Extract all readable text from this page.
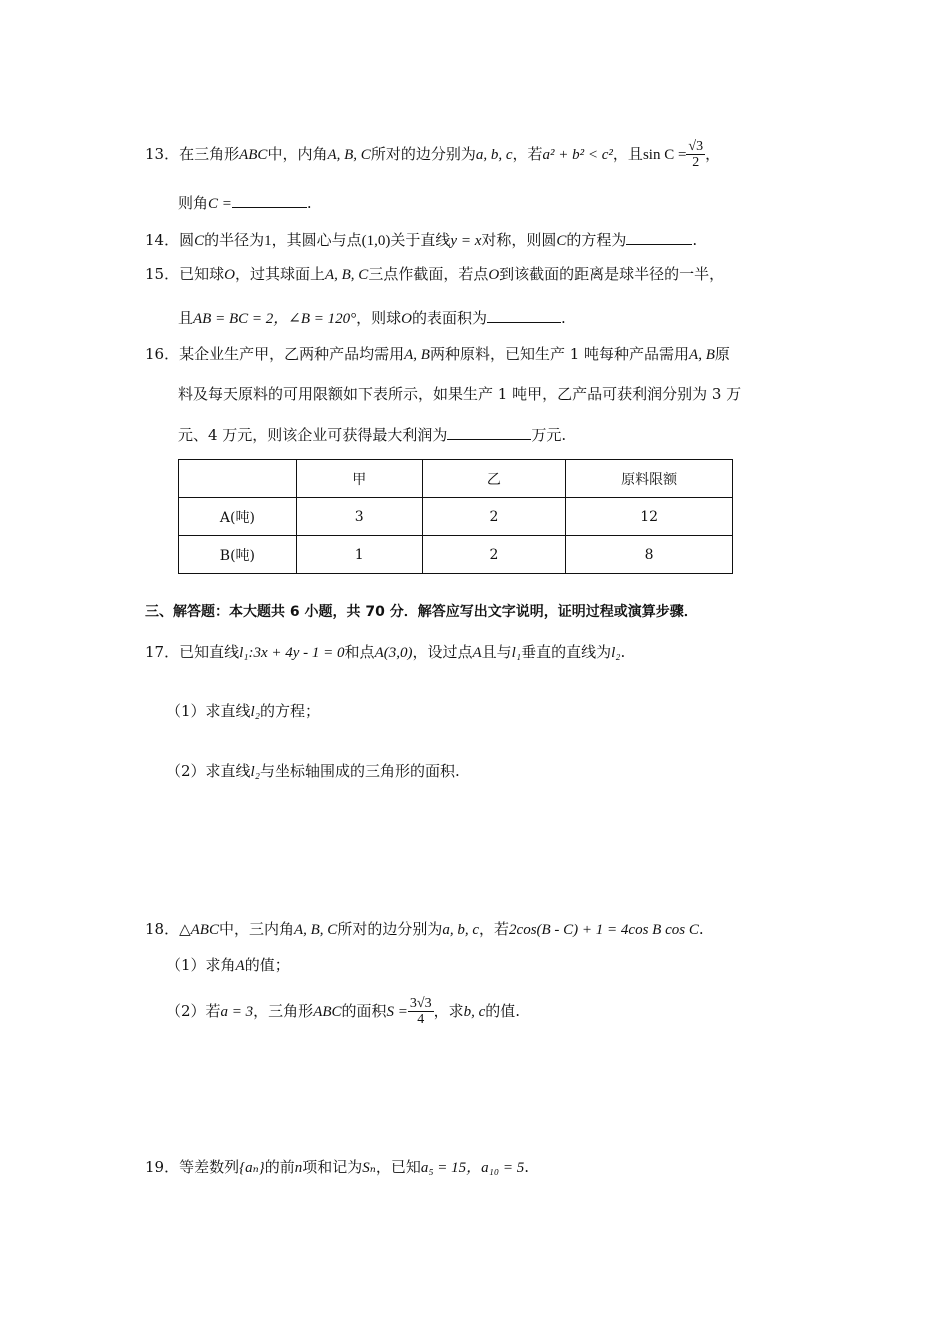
13．在三角形ABC中，内角A, B, C所对的边分别为a, b, c，若a² + b² < c²，且$\sin C = \frac{√3}{2}$ ，
则角C =	.
14．圆C的半径为1，其圆心与点(1,0)关于直线y = x对称，则圆C的方程为	.
15．已知球O，过其球面上A, B, C三点作截面，若点O到该截面的距离是球半径的一半，
且AB = BC = 2，∠B = 120°，则球O的表面积为	.
16．某企业生产甲，乙两种产品均需用A, B两种原料，已知生产 1 吨每种产品需用A, B原
料及每天原料的可用限额如下表所示，如果生产 1 吨甲，乙产品可获利润分别为 3 万
元、4 万元，则该企业可获得最大利润为	万元.
	甲	乙	原料限额
A(吨)	3	2	12
B(吨)	1	2	8
三、解答题：本大题共 6 小题，共 70 分．解答应写出文字说明，证明过程或演算步骤．
17．已知直线l₁:3x + 4y - 1 = 0和点A(3,0)，设过点A且与l₁垂直的直线为l₂.
（1）求直线l₂的方程；
（2）求直线l₂与坐标轴围成的三角形的面积.
18．△ABC中，三内角A, B, C所对的边分别为a, b, c，若2cos(B - C) + 1 = 4cos B cos C.
（1）求角A的值；
（2）若a = 3，三角形ABC的面积$S = \frac{3√3}{4}$ ，求b, c的值.
19．等差数列{aₙ}的前n项和记为Sₙ，已知a₅ = 15，a₁₀ = 5.
